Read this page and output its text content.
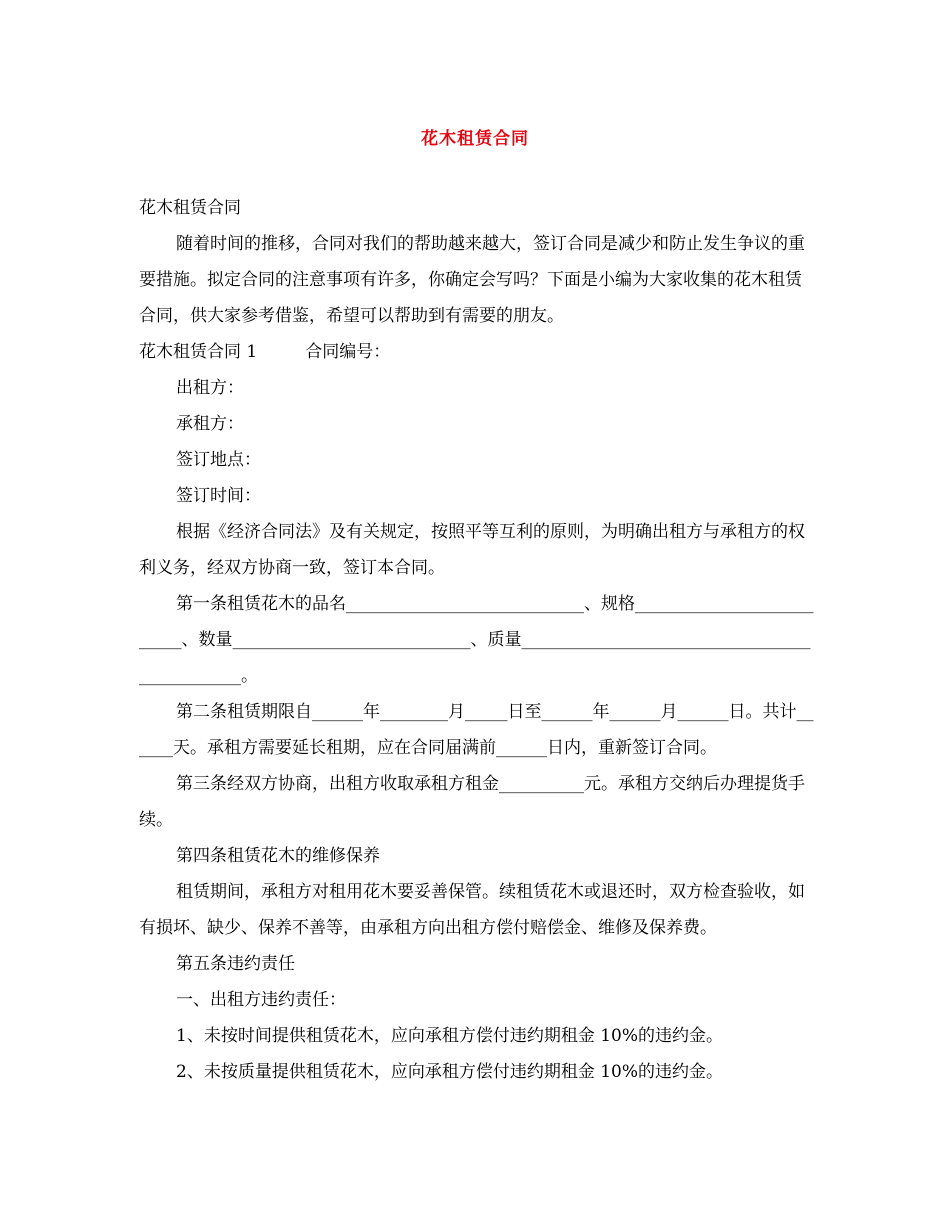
花木租赁合同

花木租赁合同

随着时间的推移，合同对我们的帮助越来越大，签订合同是减少和防止发生争议的重要措施。拟定合同的注意事项有许多，你确定会写吗？下面是小编为大家收集的花木租赁合同，供大家参考借鉴，希望可以帮助到有需要的朋友。

花木租赁合同 1	合同编号：

出租方：

承租方：

签订地点：

签订时间：

根据《经济合同法》及有关规定，按照平等互利的原则，为明确出租方与承租方的权利义务，经双方协商一致，签订本合同。

第一条租赁花木的品名____________________________、规格__________________________、数量____________________________、质量______________________________________________。

第二条租赁期限自______年________月_____日至______年______月______日。共计______天。承租方需要延长租期，应在合同届满前______日内，重新签订合同。

第三条经双方协商，出租方收取承租方租金__________元。承租方交纳后办理提货手续。

第四条租赁花木的维修保养

租赁期间，承租方对租用花木要妥善保管。续租赁花木或退还时，双方检查验收，如有损坏、缺少、保养不善等，由承租方向出租方偿付赔偿金、维修及保养费。

第五条违约责任

一、出租方违约责任：

1、未按时间提供租赁花木，应向承租方偿付违约期租金 10%的违约金。

2、未按质量提供租赁花木，应向承租方偿付违约期租金 10%的违约金。
